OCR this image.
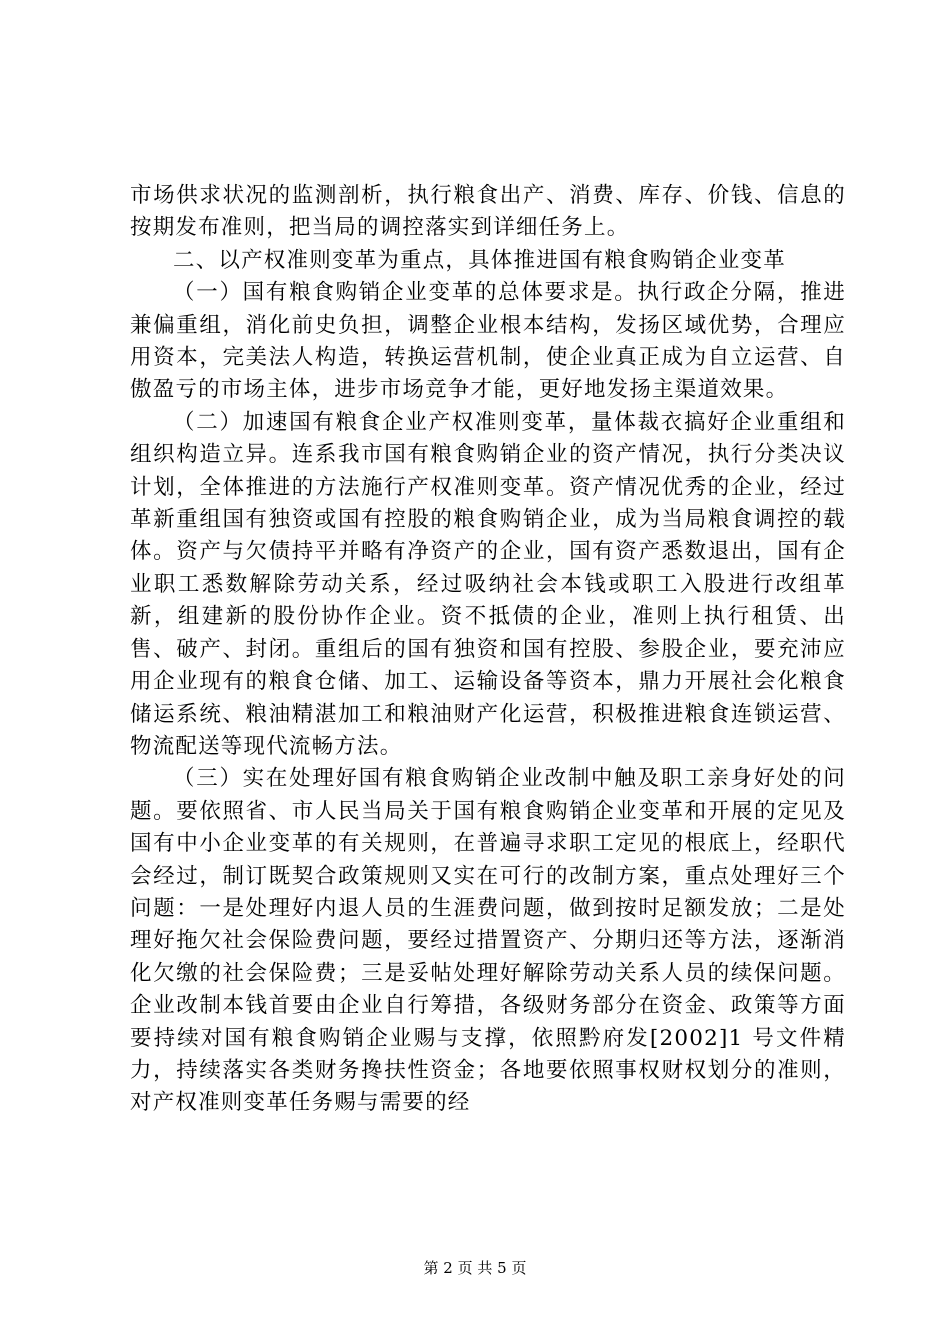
市场供求状况的监测剖析，执行粮食出产、消费、库存、价钱、信息的按期发布准则，把当局的调控落实到详细任务上。

二、以产权准则变革为重点，具体推进国有粮食购销企业变革

（一）国有粮食购销企业变革的总体要求是。执行政企分隔，推进兼偏重组，消化前史负担，调整企业根本结构，发扬区域优势，合理应用资本，完美法人构造，转换运营机制，使企业真正成为自立运营、自傲盈亏的市场主体，进步市场竞争才能，更好地发扬主渠道效果。

（二）加速国有粮食企业产权准则变革，量体裁衣搞好企业重组和组织构造立异。连系我市国有粮食购销企业的资产情况，执行分类决议计划，全体推进的方法施行产权准则变革。资产情况优秀的企业，经过革新重组国有独资或国有控股的粮食购销企业，成为当局粮食调控的载体。资产与欠债持平并略有净资产的企业，国有资产悉数退出，国有企业职工悉数解除劳动关系，经过吸纳社会本钱或职工入股进行改组革新，组建新的股份协作企业。资不抵债的企业，准则上执行租赁、出售、破产、封闭。重组后的国有独资和国有控股、参股企业，要充沛应用企业现有的粮食仓储、加工、运输设备等资本，鼎力开展社会化粮食储运系统、粮油精湛加工和粮油财产化运营，积极推进粮食连锁运营、物流配送等现代流畅方法。

（三）实在处理好国有粮食购销企业改制中触及职工亲身好处的问题。要依照省、市人民当局关于国有粮食购销企业变革和开展的定见及国有中小企业变革的有关规则，在普遍寻求职工定见的根底上，经职代会经过，制订既契合政策规则又实在可行的改制方案，重点处理好三个问题：一是处理好内退人员的生涯费问题，做到按时足额发放；二是处理好拖欠社会保险费问题，要经过措置资产、分期归还等方法，逐渐消化欠缴的社会保险费；三是妥帖处理好解除劳动关系人员的续保问题。企业改制本钱首要由企业自行筹措，各级财务部分在资金、政策等方面要持续对国有粮食购销企业赐与支撑，依照黔府发[2002]1 号文件精力，持续落实各类财务搀扶性资金；各地要依照事权财权划分的准则，对产权准则变革任务赐与需要的经

第 2 页 共 5 页
